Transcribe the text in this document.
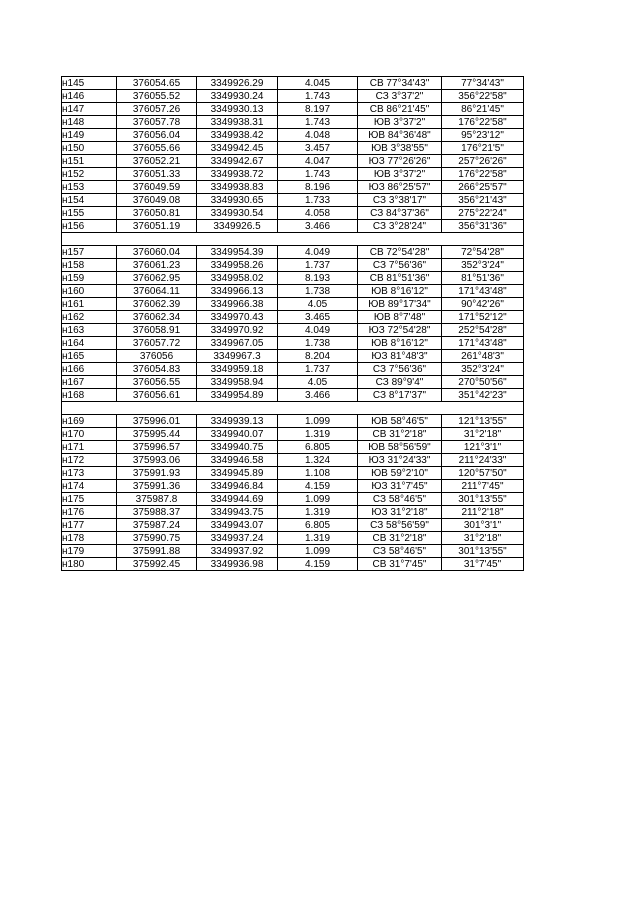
н145	376054.65	3349926.29	4.045	СВ 77°34'43"	77°34'43"
н146	376055.52	3349930.24	1.743	СЗ 3°37'2"	356°22'58"
н147	376057.26	3349930.13	8.197	СВ 86°21'45"	86°21'45"
н148	376057.78	3349938.31	1.743	ЮВ 3°37'2"	176°22'58"
н149	376056.04	3349938.42	4.048	ЮВ 84°36'48"	95°23'12"
н150	376055.66	3349942.45	3.457	ЮВ 3°38'55"	176°21'5"
н151	376052.21	3349942.67	4.047	ЮЗ 77°26'26"	257°26'26"
н152	376051.33	3349938.72	1.743	ЮВ 3°37'2"	176°22'58"
н153	376049.59	3349938.83	8.196	ЮЗ 86°25'57"	266°25'57"
н154	376049.08	3349930.65	1.733	СЗ 3°38'17"	356°21'43"
н155	376050.81	3349930.54	4.058	СЗ 84°37'36"	275°22'24"
н156	376051.19	3349926.5	3.466	СЗ 3°28'24"	356°31'36"

н157	376060.04	3349954.39	4.049	СВ 72°54'28"	72°54'28"
н158	376061.23	3349958.26	1.737	СЗ 7°56'36"	352°3'24"
н159	376062.95	3349958.02	8.193	СВ 81°51'36"	81°51'36"
н160	376064.11	3349966.13	1.738	ЮВ 8°16'12"	171°43'48"
н161	376062.39	3349966.38	4.05	ЮВ 89°17'34"	90°42'26"
н162	376062.34	3349970.43	3.465	ЮВ 8°7'48"	171°52'12"
н163	376058.91	3349970.92	4.049	ЮЗ 72°54'28"	252°54'28"
н164	376057.72	3349967.05	1.738	ЮВ 8°16'12"	171°43'48"
н165	376056	3349967.3	8.204	ЮЗ 81°48'3"	261°48'3"
н166	376054.83	3349959.18	1.737	СЗ 7°56'36"	352°3'24"
н167	376056.55	3349958.94	4.05	СЗ 89°9'4"	270°50'56"
н168	376056.61	3349954.89	3.466	СЗ 8°17'37"	351°42'23"

н169	375996.01	3349939.13	1.099	ЮВ 58°46'5"	121°13'55"
н170	375995.44	3349940.07	1.319	СВ 31°2'18"	31°2'18"
н171	375996.57	3349940.75	6.805	ЮВ 58°56'59"	121°3'1"
н172	375993.06	3349946.58	1.324	ЮЗ 31°24'33"	211°24'33"
н173	375991.93	3349945.89	1.108	ЮВ 59°2'10"	120°57'50"
н174	375991.36	3349946.84	4.159	ЮЗ 31°7'45"	211°7'45"
н175	375987.8	3349944.69	1.099	СЗ 58°46'5"	301°13'55"
н176	375988.37	3349943.75	1.319	ЮЗ 31°2'18"	211°2'18"
н177	375987.24	3349943.07	6.805	СЗ 58°56'59"	301°3'1"
н178	375990.75	3349937.24	1.319	СВ 31°2'18"	31°2'18"
н179	375991.88	3349937.92	1.099	СЗ 58°46'5"	301°13'55"
н180	375992.45	3349936.98	4.159	СВ 31°7'45"	31°7'45"
